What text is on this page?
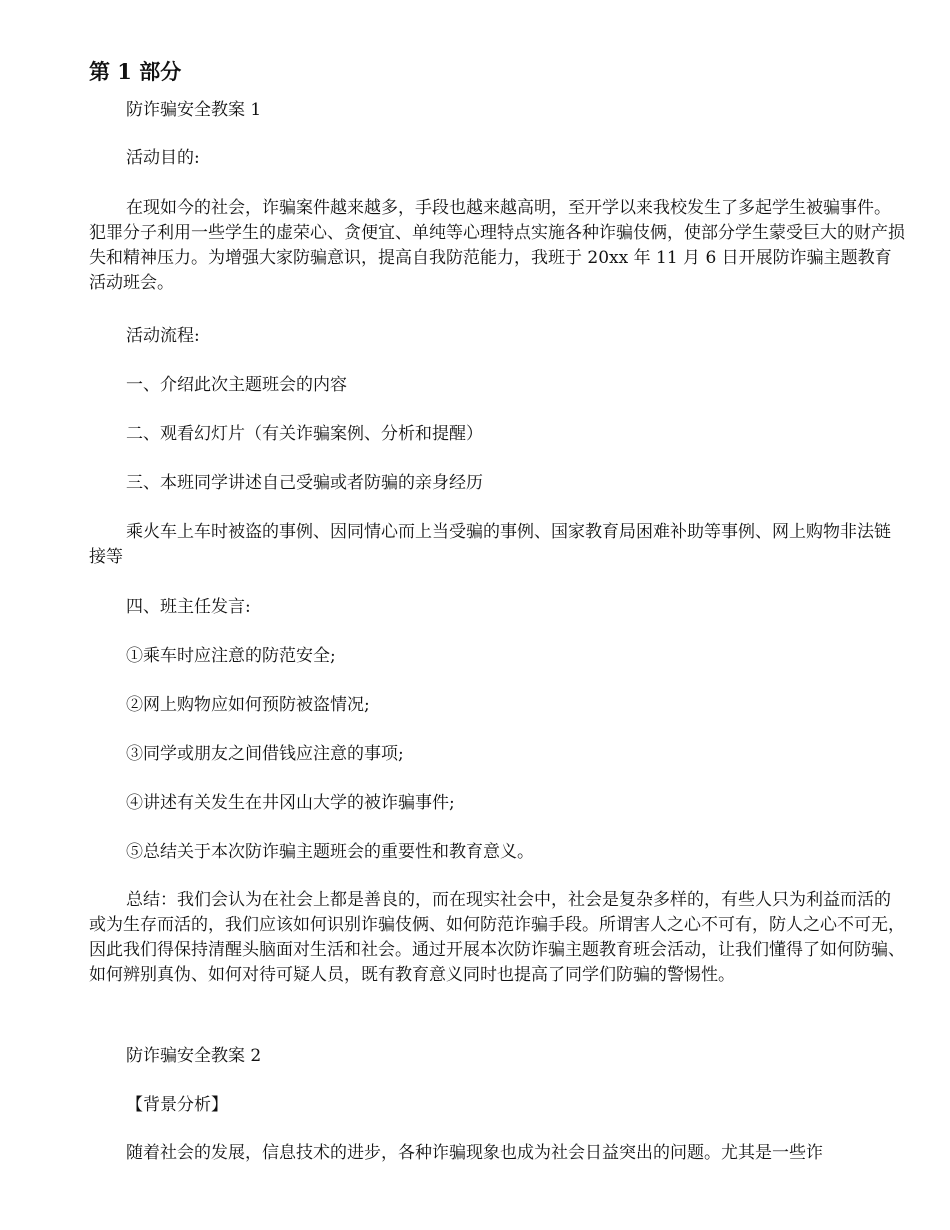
第 1 部分

防诈骗安全教案 1

活动目的:

在现如今的社会，诈骗案件越来越多，手段也越来越高明，至开学以来我校发生了多起学生被骗事件。犯罪分子利用一些学生的虚荣心、贪便宜、单纯等心理特点实施各种诈骗伎俩，使部分学生蒙受巨大的财产损失和精神压力。为增强大家防骗意识，提高自我防范能力，我班于 20xx 年 11 月 6 日开展防诈骗主题教育活动班会。

活动流程:

一、介绍此次主题班会的内容

二、观看幻灯片（有关诈骗案例、分析和提醒）

三、本班同学讲述自己受骗或者防骗的亲身经历

乘火车上车时被盗的事例、因同情心而上当受骗的事例、国家教育局困难补助等事例、网上购物非法链接等

四、班主任发言:

①乘车时应注意的防范安全;

②网上购物应如何预防被盗情况;

③同学或朋友之间借钱应注意的事项;

④讲述有关发生在井冈山大学的被诈骗事件;

⑤总结关于本次防诈骗主题班会的重要性和教育意义。

总结：我们会认为在社会上都是善良的，而在现实社会中，社会是复杂多样的，有些人只为利益而活的或为生存而活的，我们应该如何识别诈骗伎俩、如何防范诈骗手段。所谓害人之心不可有，防人之心不可无，因此我们得保持清醒头脑面对生活和社会。通过开展本次防诈骗主题教育班会活动，让我们懂得了如何防骗、如何辨别真伪、如何对待可疑人员，既有教育意义同时也提高了同学们防骗的警惕性。

防诈骗安全教案 2

【背景分析】

随着社会的发展，信息技术的进步，各种诈骗现象也成为社会日益突出的问题。尤其是一些诈
